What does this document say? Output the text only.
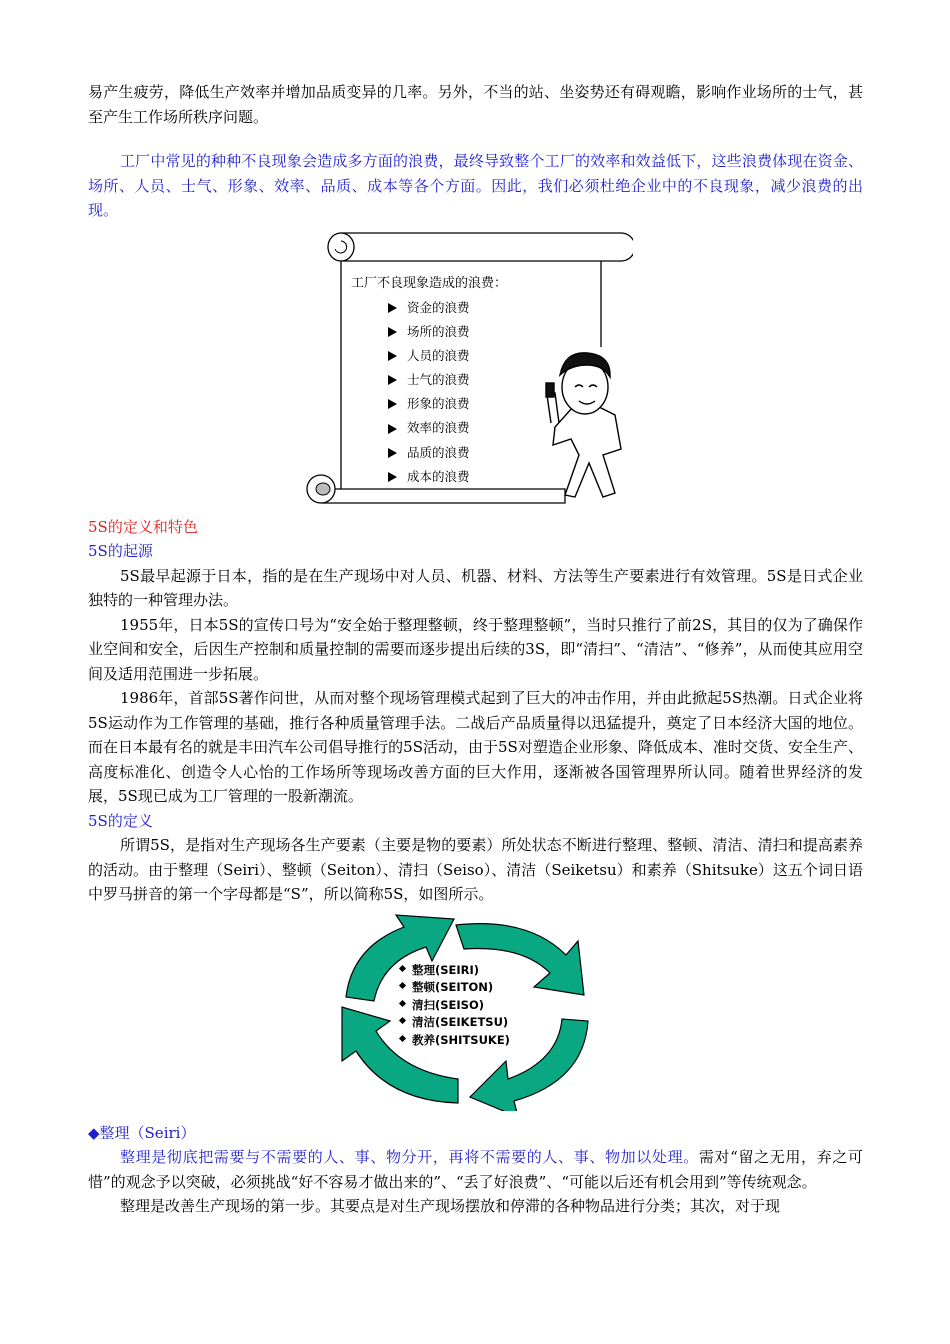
易产生疲劳，降低生产效率并增加品质变异的几率。另外，不当的站、坐姿势还有碍观瞻，影响作业场所的士气，甚至产生工作场所秩序问题。

工厂中常见的种种不良现象会造成多方面的浪费，最终导致整个工厂的效率和效益低下，这些浪费体现在资金、场所、人员、士气、形象、效率、品质、成本等各个方面。因此，我们必须杜绝企业中的不良现象，减少浪费的出现。

工厂不良现象造成的浪费：
资金的浪费
场所的浪费
人员的浪费
士气的浪费
形象的浪费
效率的浪费
品质的浪费
成本的浪费

5S的定义和特色

5S的起源

5S最早起源于日本，指的是在生产现场中对人员、机器、材料、方法等生产要素进行有效管理。5S是日式企业独特的一种管理办法。

1955年，日本5S的宣传口号为“安全始于整理整顿，终于整理整顿”，当时只推行了前2S，其目的仅为了确保作业空间和安全，后因生产控制和质量控制的需要而逐步提出后续的3S，即“清扫”、“清洁”、“修养”，从而使其应用空间及适用范围进一步拓展。

1986年，首部5S著作问世，从而对整个现场管理模式起到了巨大的冲击作用，并由此掀起5S热潮。日式企业将5S运动作为工作管理的基础，推行各种质量管理手法。二战后产品质量得以迅猛提升，奠定了日本经济大国的地位。而在日本最有名的就是丰田汽车公司倡导推行的5S活动，由于5S对塑造企业形象、降低成本、准时交货、安全生产、高度标准化、创造令人心怡的工作场所等现场改善方面的巨大作用，逐渐被各国管理界所认同。随着世界经济的发展，5S现已成为工厂管理的一股新潮流。

5S的定义

所谓5S，是指对生产现场各生产要素（主要是物的要素）所处状态不断进行整理、整顿、清洁、清扫和提高素养的活动。由于整理（Seiri）、整顿（Seiton）、清扫（Seiso）、清洁（Seiketsu）和素养（Shitsuke）这五个词日语中罗马拼音的第一个字母都是“S”，所以简称5S，如图所示。

整理(SEIRI)
整顿(SEITON)
清扫(SEISO)
清洁(SEIKETSU)
教养(SHITSUKE)

◆整理（Seiri）

整理是彻底把需要与不需要的人、事、物分开，再将不需要的人、事、物加以处理。需对“留之无用，弃之可惜”的观念予以突破，必须挑战“好不容易才做出来的”、“丢了好浪费”、“可能以后还有机会用到”等传统观念。

整理是改善生产现场的第一步。其要点是对生产现场摆放和停滞的各种物品进行分类；其次，对于现
